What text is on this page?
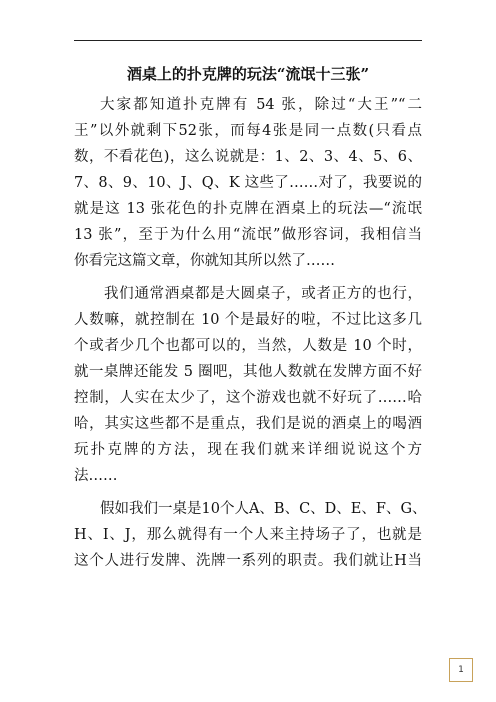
酒桌上的扑克牌的玩法“流氓十三张”
大家都知道扑克牌有 54 张，除过“大王”“二
王”以外就剩下52张，而每4张是同一点数(只看点
数，不看花色)，这么说就是：1、2、3、4、5、6、
7、8、9、10、J、Q、K 这些了……对了，我要说的
就是这 13 张花色的扑克牌在酒桌上的玩法—“流氓
13 张”，至于为什么用“流氓”做形容词，我相信当
你看完这篇文章，你就知其所以然了……
我们通常酒桌都是大圆桌子，或者正方的也行，
人数嘛，就控制在 10 个是最好的啦，不过比这多几
个或者少几个也都可以的，当然，人数是 10 个时，
就一桌牌还能发 5 圈吧，其他人数就在发牌方面不好
控制，人实在太少了，这个游戏也就不好玩了……哈
哈，其实这些都不是重点，我们是说的酒桌上的喝酒
玩扑克牌的方法，现在我们就来详细说说这个方
法……
假如我们一桌是10个人A、B、C、D、E、F、G、
H、I、J，那么就得有一个人来主持场子了，也就是
这个人进行发牌、洗牌一系列的职责。我们就让H当
1
